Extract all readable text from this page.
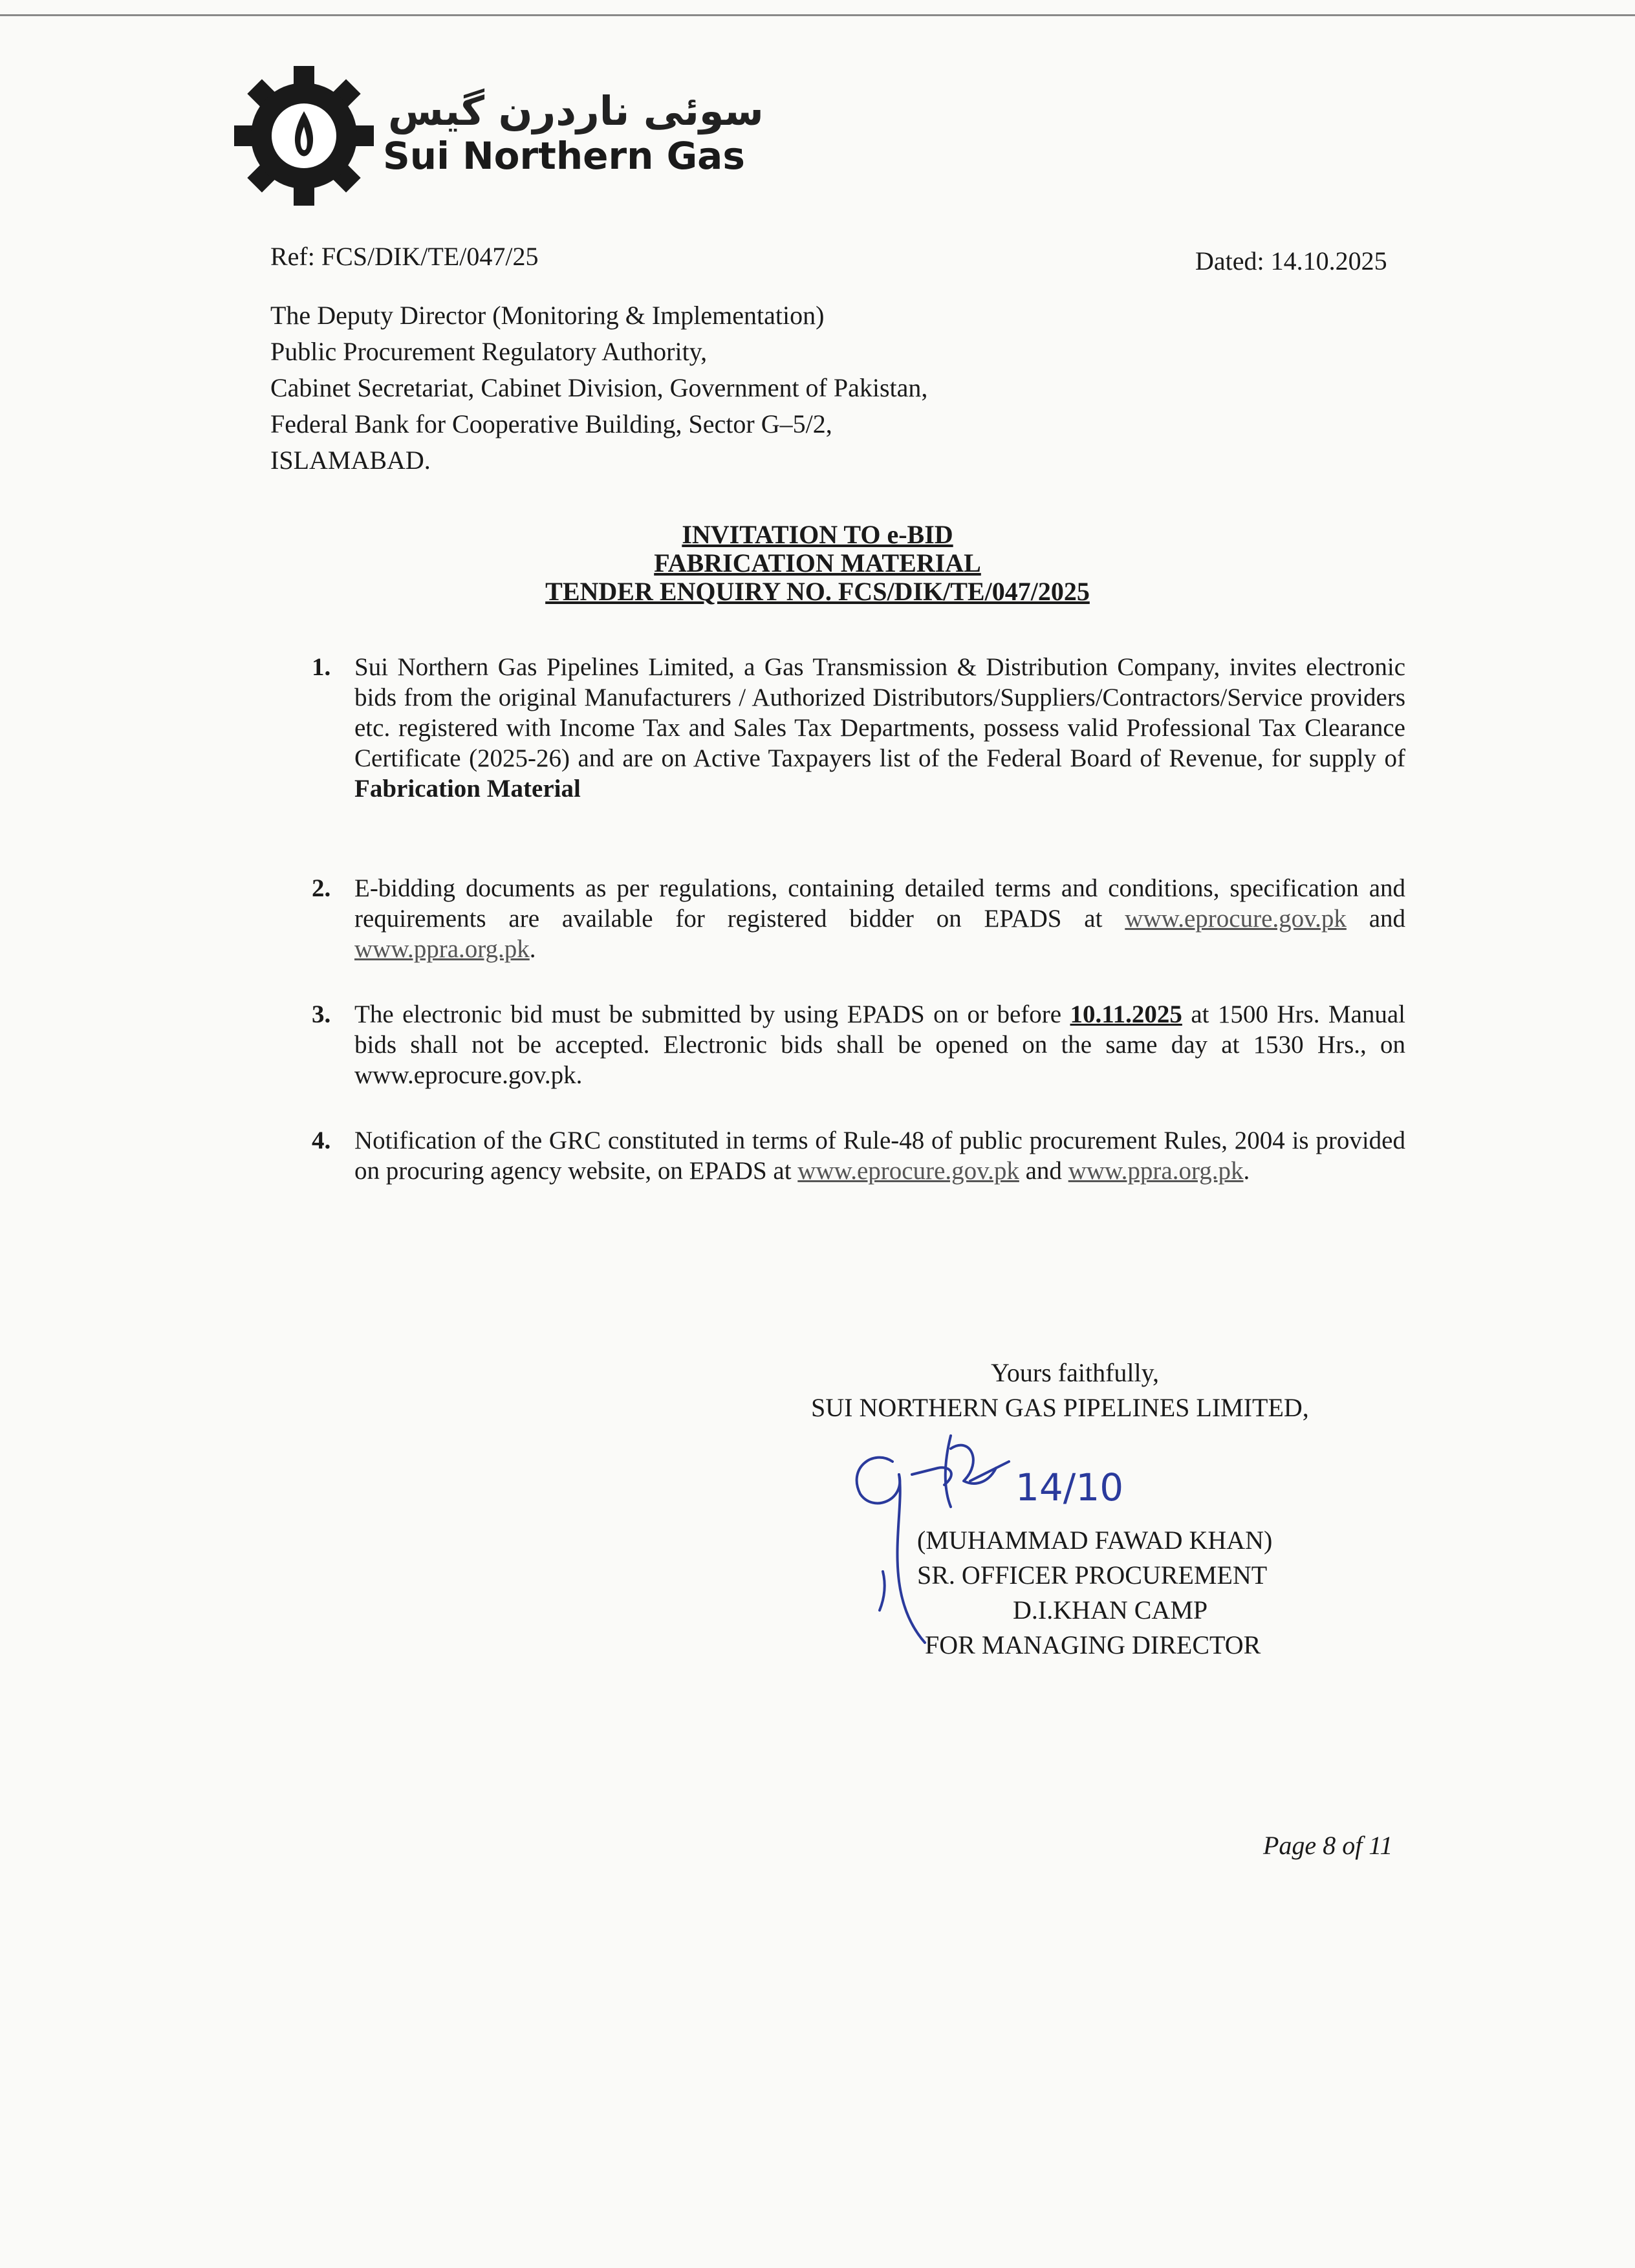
سوئی ناردرن گیس
Sui Northern Gas
Ref: FCS/DIK/TE/047/25	Dated: 14.10.2025
The Deputy Director (Monitoring & Implementation)
Public Procurement Regulatory Authority,
Cabinet Secretariat, Cabinet Division, Government of Pakistan,
Federal Bank for Cooperative Building, Sector G–5/2,
ISLAMABAD.
INVITATION TO e-BID
FABRICATION MATERIAL
TENDER ENQUIRY NO. FCS/DIK/TE/047/2025
1. Sui Northern Gas Pipelines Limited, a Gas Transmission & Distribution Company, invites electronic bids from the original Manufacturers / Authorized Distributors/Suppliers/Contractors/Service providers etc. registered with Income Tax and Sales Tax Departments, possess valid Professional Tax Clearance Certificate (2025-26) and are on Active Taxpayers list of the Federal Board of Revenue, for supply of Fabrication Material
2. E-bidding documents as per regulations, containing detailed terms and conditions, specification and requirements are available for registered bidder on EPADS at www.eprocure.gov.pk and www.ppra.org.pk.
3. The electronic bid must be submitted by using EPADS on or before 10.11.2025 at 1500 Hrs. Manual bids shall not be accepted. Electronic bids shall be opened on the same day at 1530 Hrs., on www.eprocure.gov.pk.
4. Notification of the GRC constituted in terms of Rule-48 of public procurement Rules, 2004 is provided on procuring agency website, on EPADS at www.eprocure.gov.pk and www.ppra.org.pk.
Yours faithfully,
SUI NORTHERN GAS PIPELINES LIMITED,
14/10
(MUHAMMAD FAWAD KHAN)
SR. OFFICER PROCUREMENT
D.I.KHAN CAMP
FOR MANAGING DIRECTOR
Page 8 of 11
